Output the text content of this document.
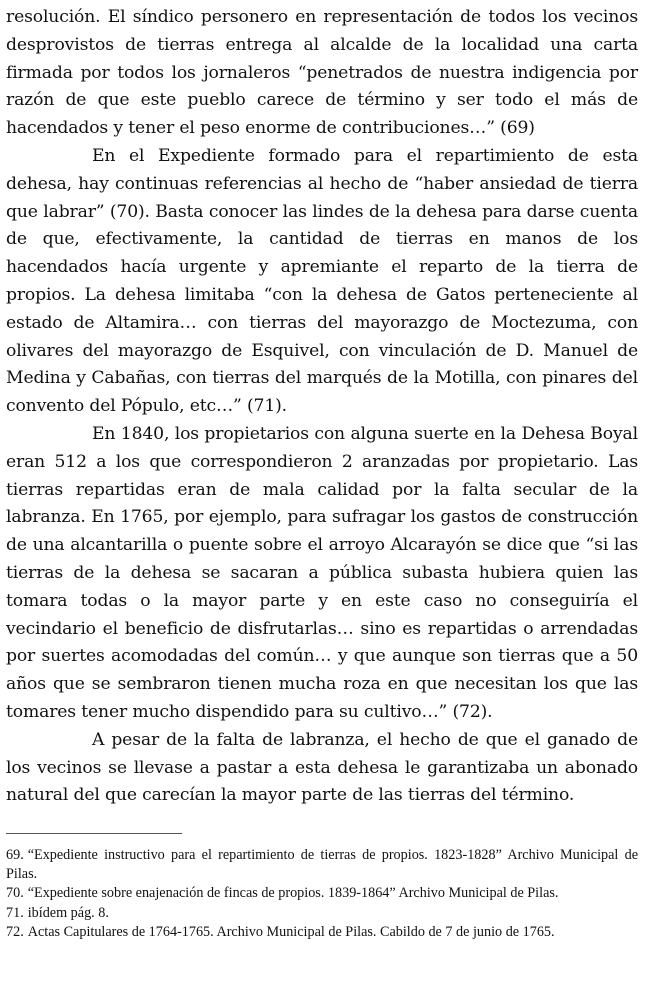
resolución. El síndico personero en representación de todos los vecinos desprovistos de tierras entrega al alcalde de la localidad una carta firmada por todos los jornaleros “penetrados de nuestra indigencia por razón de que este pueblo carece de término y ser todo el más de hacendados y tener el peso enorme de contribuciones…” (69)

En el Expediente formado para el repartimiento de esta dehesa, hay continuas referencias al hecho de “haber ansiedad de tierra que labrar” (70). Basta conocer las lindes de la dehesa para darse cuenta de que, efectivamente, la cantidad de tierras en manos de los hacendados hacía urgente y apremiante el reparto de la tierra de propios. La dehesa limitaba “con la dehesa de Gatos perteneciente al estado de Altamira… con tierras del mayorazgo de Moctezuma, con olivares del mayorazgo de Esquivel, con vinculación de D. Manuel de Medina y Cabañas, con tierras del marqués de la Motilla, con pinares del convento del Pópulo, etc…” (71).

En 1840, los propietarios con alguna suerte en la Dehesa Boyal eran 512 a los que correspondieron 2 aranzadas por propietario. Las tierras repartidas eran de mala calidad por la falta secular de la labranza. En 1765, por ejemplo, para sufragar los gastos de construcción de una alcantarilla o puente sobre el arroyo Alcarayón se dice que “si las tierras de la dehesa se sacaran a pública subasta hubiera quien las tomara todas o la mayor parte y en este caso no conseguiría el vecindario el beneficio de disfrutarlas… sino es repartidas o arrendadas por suertes acomodadas del común… y que aunque son tierras que a 50 años que se sembraron tienen mucha roza en que necesitan los que las tomares tener mucho dispendido para su cultivo…” (72).

A pesar de la falta de labranza, el hecho de que el ganado de los vecinos se llevase a pastar a esta dehesa le garantizaba un abonado natural del que carecían la mayor parte de las tierras del término.

69. “Expediente instructivo para el repartimiento de tierras de propios. 1823-1828” Archivo Municipal de Pilas.

70. “Expediente sobre enajenación de fincas de propios. 1839-1864” Archivo Municipal de Pilas.

71. ibídem pág. 8.

72. Actas Capitulares de 1764-1765. Archivo Municipal de Pilas. Cabildo de 7 de junio de 1765.
